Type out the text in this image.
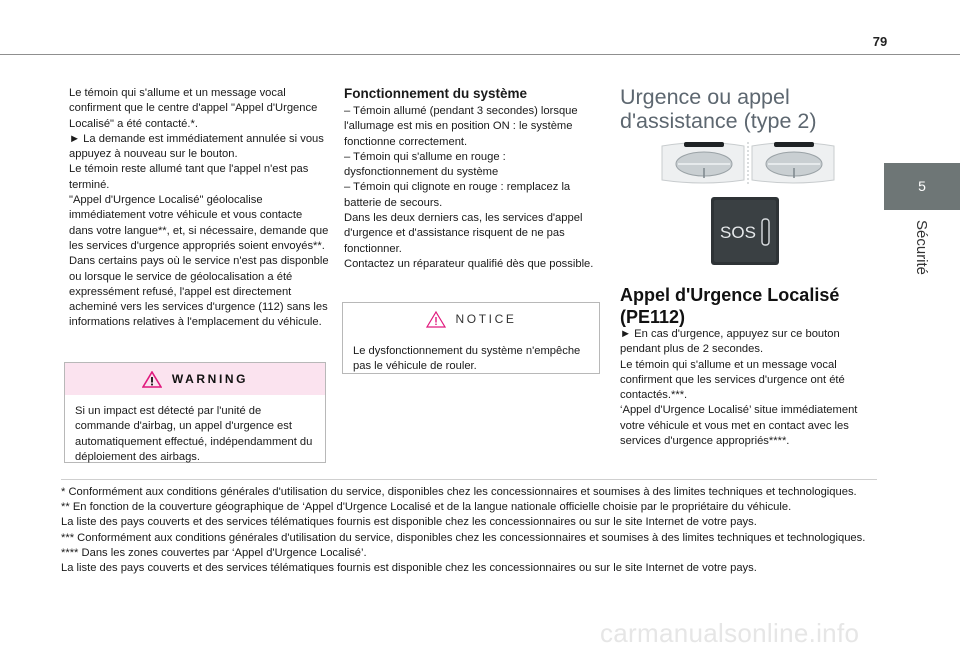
79
5
Sécurité

Le témoin qui s'allume et un message vocal confirment que le centre d'appel "Appel d'Urgence Localisé" a été contacté.*.
► La demande est immédiatement annulée si vous appuyez à nouveau sur le bouton.
Le témoin reste allumé tant que l'appel n'est pas terminé.
"Appel d'Urgence Localisé" géolocalise immédiatement votre véhicule et vous contacte dans votre langue**, et, si nécessaire, demande que les services d'urgence appropriés soient envoyés**. Dans certains pays où le service n'est pas disponble ou lorsque le service de géolocalisation a été expressément refusé, l'appel est directement acheminé vers les services d'urgence (112) sans les informations relatives à l'emplacement du véhicule.

WARNING
Si un impact est détecté par l'unité de commande d'airbag, un appel d'urgence est automatiquement effectué, indépendamment du déploiement des airbags.
Fonctionnement du système

– Témoin allumé (pendant 3 secondes) lorsque l'allumage est mis en position ON : le système fonctionne correctement.
– Témoin qui s'allume en rouge : dysfonctionnement du système
– Témoin qui clignote en rouge : remplacez la batterie de secours.
Dans les deux derniers cas, les services d'appel d'urgence et d'assistance risquent de ne pas fonctionner.
Contactez un réparateur qualifié dès que possible.

NOTICE
Le dysfonctionnement du système n'empêche pas le véhicule de rouler.
Urgence ou appel
d'assistance (type 2)
SOS
Appel d'Urgence Localisé
(PE112)

► En cas d'urgence, appuyez sur ce bouton pendant plus de 2 secondes.
Le témoin qui s'allume et un message vocal confirment que les services d'urgence ont été contactés.***.
‘Appel d'Urgence Localisé’ situe immédiatement votre véhicule et vous met en contact avec les services d'urgence appropriés****.

* Conformément aux conditions générales d'utilisation du service, disponibles chez les concessionnaires et soumises à des limites techniques et technologiques.
** En fonction de la couverture géographique de ‘Appel d'Urgence Localisé et de la langue nationale officielle choisie par le propriétaire du véhicule.
La liste des pays couverts et des services télématiques fournis est disponible chez les concessionnaires ou sur le site Internet de votre pays.
*** Conformément aux conditions générales d'utilisation du service, disponibles chez les concessionnaires et soumises à des limites techniques et technologiques.
**** Dans les zones couvertes par ‘Appel d'Urgence Localisé’.
La liste des pays couverts et des services télématiques fournis est disponible chez les concessionnaires ou sur le site Internet de votre pays.
carmanualsonline.info
